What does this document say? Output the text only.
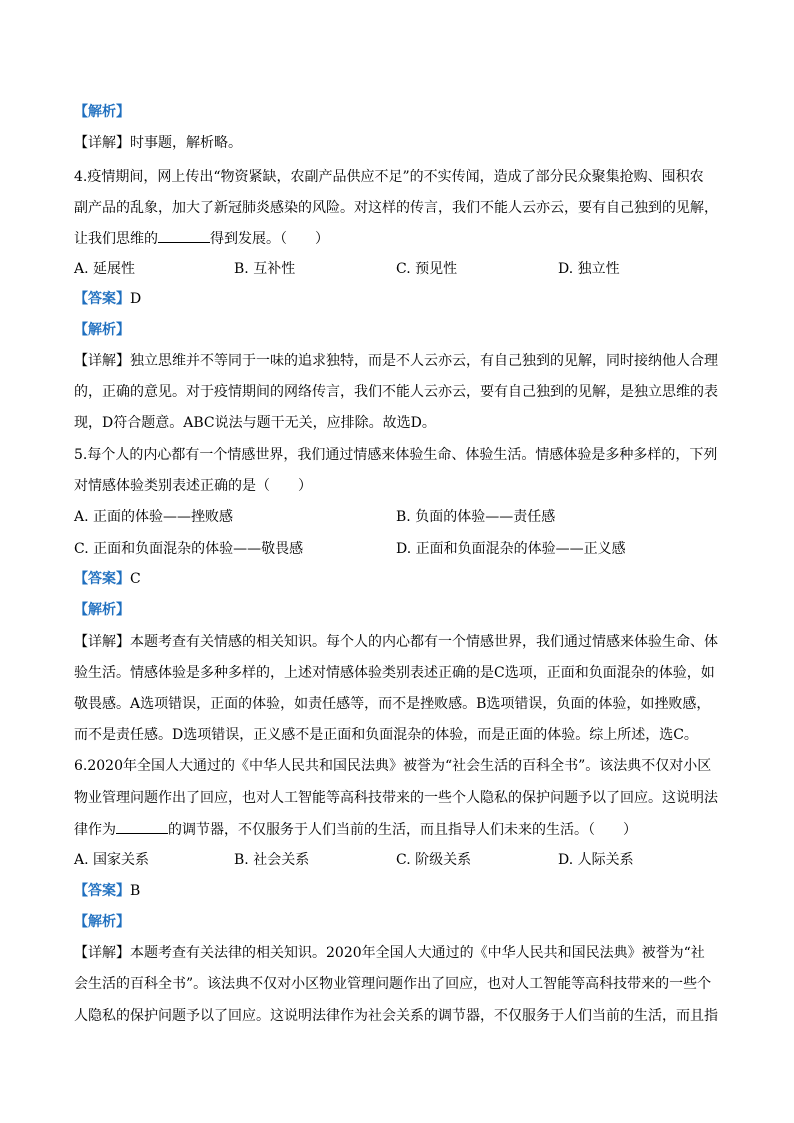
【解析】
【详解】时事题，解析略。
4.疫情期间，网上传出“物资紧缺，农副产品供应不足”的不实传闻，造成了部分民众聚集抢购、囤积农
副产品的乱象，加大了新冠肺炎感染的风险。对这样的传言，我们不能人云亦云，要有自己独到的见解，
让我们思维的	得到发展。（　　）
A. 延展性	B. 互补性	C. 预见性	D. 独立性
【答案】D
【解析】
【详解】独立思维并不等同于一味的追求独特，而是不人云亦云，有自己独到的见解，同时接纳他人合理
的，正确的意见。对于疫情期间的网络传言，我们不能人云亦云，要有自己独到的见解，是独立思维的表
现，D符合题意。ABC说法与题干无关，应排除。故选D。
5.每个人的内心都有一个情感世界，我们通过情感来体验生命、体验生活。情感体验是多种多样的，下列
对情感体验类别表述正确的是（　　）
A. 正面的体验——挫败感	B. 负面的体验——责任感
C. 正面和负面混杂的体验——敬畏感	D. 正面和负面混杂的体验——正义感
【答案】C
【解析】
【详解】本题考查有关情感的相关知识。每个人的内心都有一个情感世界，我们通过情感来体验生命、体
验生活。情感体验是多种多样的，上述对情感体验类别表述正确的是C选项，正面和负面混杂的体验，如
敬畏感。A选项错误，正面的体验，如责任感等，而不是挫败感。B选项错误，负面的体验，如挫败感，
而不是责任感。D选项错误，正义感不是正面和负面混杂的体验，而是正面的体验。综上所述，选C。
6.2020年全国人大通过的《中华人民共和国民法典》被誉为“社会生活的百科全书”。该法典不仅对小区
物业管理问题作出了回应，也对人工智能等高科技带来的一些个人隐私的保护问题予以了回应。这说明法
律作为	的调节器，不仅服务于人们当前的生活，而且指导人们未来的生活。（　　）
A. 国家关系	B. 社会关系	C. 阶级关系	D. 人际关系
【答案】B
【解析】
【详解】本题考查有关法律的相关知识。2020年全国人大通过的《中华人民共和国民法典》被誉为“社
会生活的百科全书”。该法典不仅对小区物业管理问题作出了回应，也对人工智能等高科技带来的一些个
人隐私的保护问题予以了回应。这说明法律作为社会关系的调节器，不仅服务于人们当前的生活，而且指
